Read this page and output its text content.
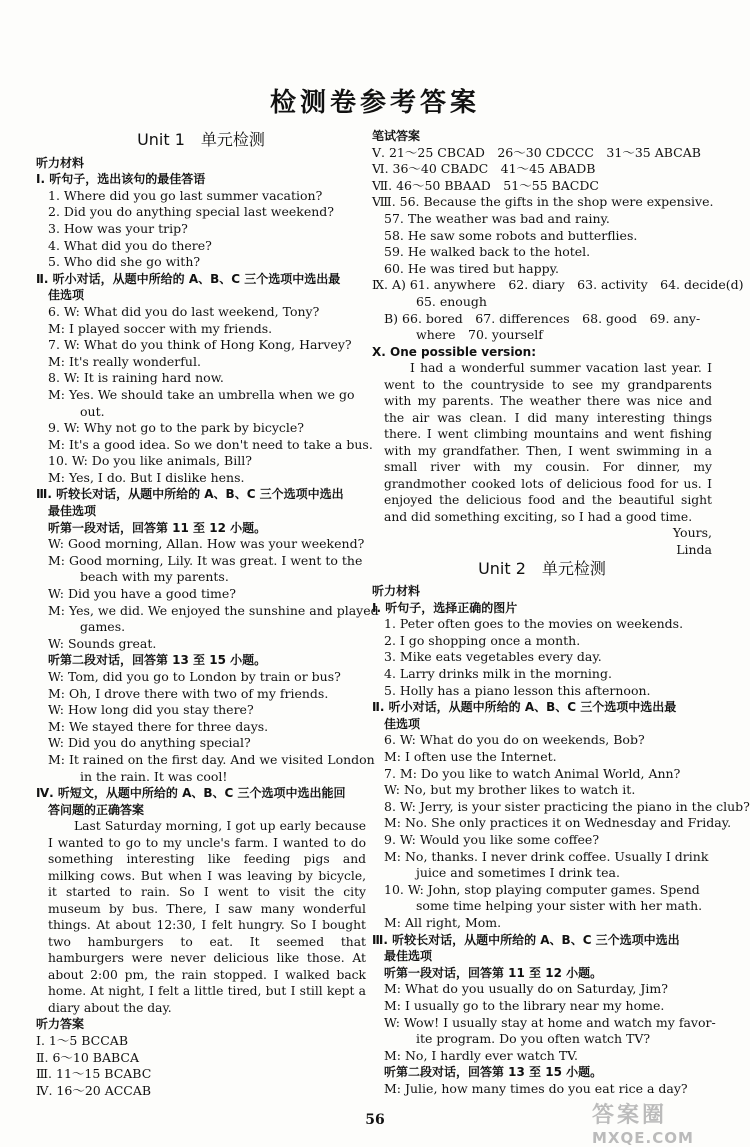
检测卷参考答案
Unit 1　单元检测
听力材料
Ⅰ. 听句子，选出该句的最佳答语
1. Where did you go last summer vacation?
2. Did you do anything special last weekend?
3. How was your trip?
4. What did you do there?
5. Who did she go with?
Ⅱ. 听小对话，从题中所给的 A、B、C 三个选项中选出最
佳选项
6. W: What did you do last weekend, Tony?
M: I played soccer with my friends.
7. W: What do you think of Hong Kong, Harvey?
M: It's really wonderful.
8. W: It is raining hard now.
M: Yes. We should take an umbrella when we go
out.
9. W: Why not go to the park by bicycle?
M: It's a good idea. So we don't need to take a bus.
10. W: Do you like animals, Bill?
M: Yes, I do. But I dislike hens.
Ⅲ. 听较长对话，从题中所给的 A、B、C 三个选项中选出
最佳选项
听第一段对话，回答第 11 至 12 小题。
W: Good morning, Allan. How was your weekend?
M: Good morning, Lily. It was great. I went to the
beach with my parents.
W: Did you have a good time?
M: Yes, we did. We enjoyed the sunshine and played
games.
W: Sounds great.
听第二段对话，回答第 13 至 15 小题。
W: Tom, did you go to London by train or bus?
M: Oh, I drove there with two of my friends.
W: How long did you stay there?
M: We stayed there for three days.
W: Did you do anything special?
M: It rained on the first day. And we visited London
in the rain. It was cool!
Ⅳ. 听短文，从题中所给的 A、B、C 三个选项中选出能回
答问题的正确答案
Last Saturday morning, I got up early because I wanted to go to my uncle's farm. I wanted to do something interesting like feeding pigs and milking cows. But when I was leaving by bicycle, it started to rain. So I went to visit the city museum by bus. There, I saw many wonderful things. At about 12:30, I felt hungry. So I bought two hamburgers to eat. It seemed that hamburgers were never delicious like those. At about 2:00 pm, the rain stopped. I walked back home. At night, I felt a little tired, but I still kept a diary about the day.
听力答案
Ⅰ. 1～5 BCCAB
Ⅱ. 6～10 BABCA
Ⅲ. 11～15 BCABC
Ⅳ. 16～20 ACCAB
笔试答案
Ⅴ. 21～25 CBCAD　26～30 CDCCC　31～35 ABCAB
Ⅵ. 36～40 CBADC　41～45 ABADB
Ⅶ. 46～50 BBAAD　51～55 BACDC
Ⅷ. 56. Because the gifts in the shop were expensive.
57. The weather was bad and rainy.
58. He saw some robots and butterflies.
59. He walked back to the hotel.
60. He was tired but happy.
Ⅸ. A) 61. anywhere　62. diary　63. activity　64. decide(d)
65. enough
B) 66. bored　67. differences　68. good　69. any-
where　70. yourself
Ⅹ. One possible version:
I had a wonderful summer vacation last year. I went to the countryside to see my grandparents with my parents. The weather there was nice and the air was clean. I did many interesting things there. I went climbing mountains and went fishing with my grandfather. Then, I went swimming in a small river with my cousin. For dinner, my grandmother cooked lots of delicious food for us. I enjoyed the delicious food and the beautiful sight and did something exciting, so I had a good time.
Yours,
Linda
Unit 2　单元检测
听力材料
Ⅰ. 听句子，选择正确的图片
1. Peter often goes to the movies on weekends.
2. I go shopping once a month.
3. Mike eats vegetables every day.
4. Larry drinks milk in the morning.
5. Holly has a piano lesson this afternoon.
Ⅱ. 听小对话，从题中所给的 A、B、C 三个选项中选出最
佳选项
6. W: What do you do on weekends, Bob?
M: I often use the Internet.
7. M: Do you like to watch Animal World, Ann?
W: No, but my brother likes to watch it.
8. W: Jerry, is your sister practicing the piano in the club?
M: No. She only practices it on Wednesday and Friday.
9. W: Would you like some coffee?
M: No, thanks. I never drink coffee. Usually I drink
juice and sometimes I drink tea.
10. W: John, stop playing computer games. Spend
some time helping your sister with her math.
M: All right, Mom.
Ⅲ. 听较长对话，从题中所给的 A、B、C 三个选项中选出
最佳选项
听第一段对话，回答第 11 至 12 小题。
M: What do you usually do on Saturday, Jim?
M: I usually go to the library near my home.
W: Wow! I usually stay at home and watch my favor-
ite program. Do you often watch TV?
M: No, I hardly ever watch TV.
听第二段对话，回答第 13 至 15 小题。
M: Julie, how many times do you eat rice a day?
56	答案圈
MXQE.COM
